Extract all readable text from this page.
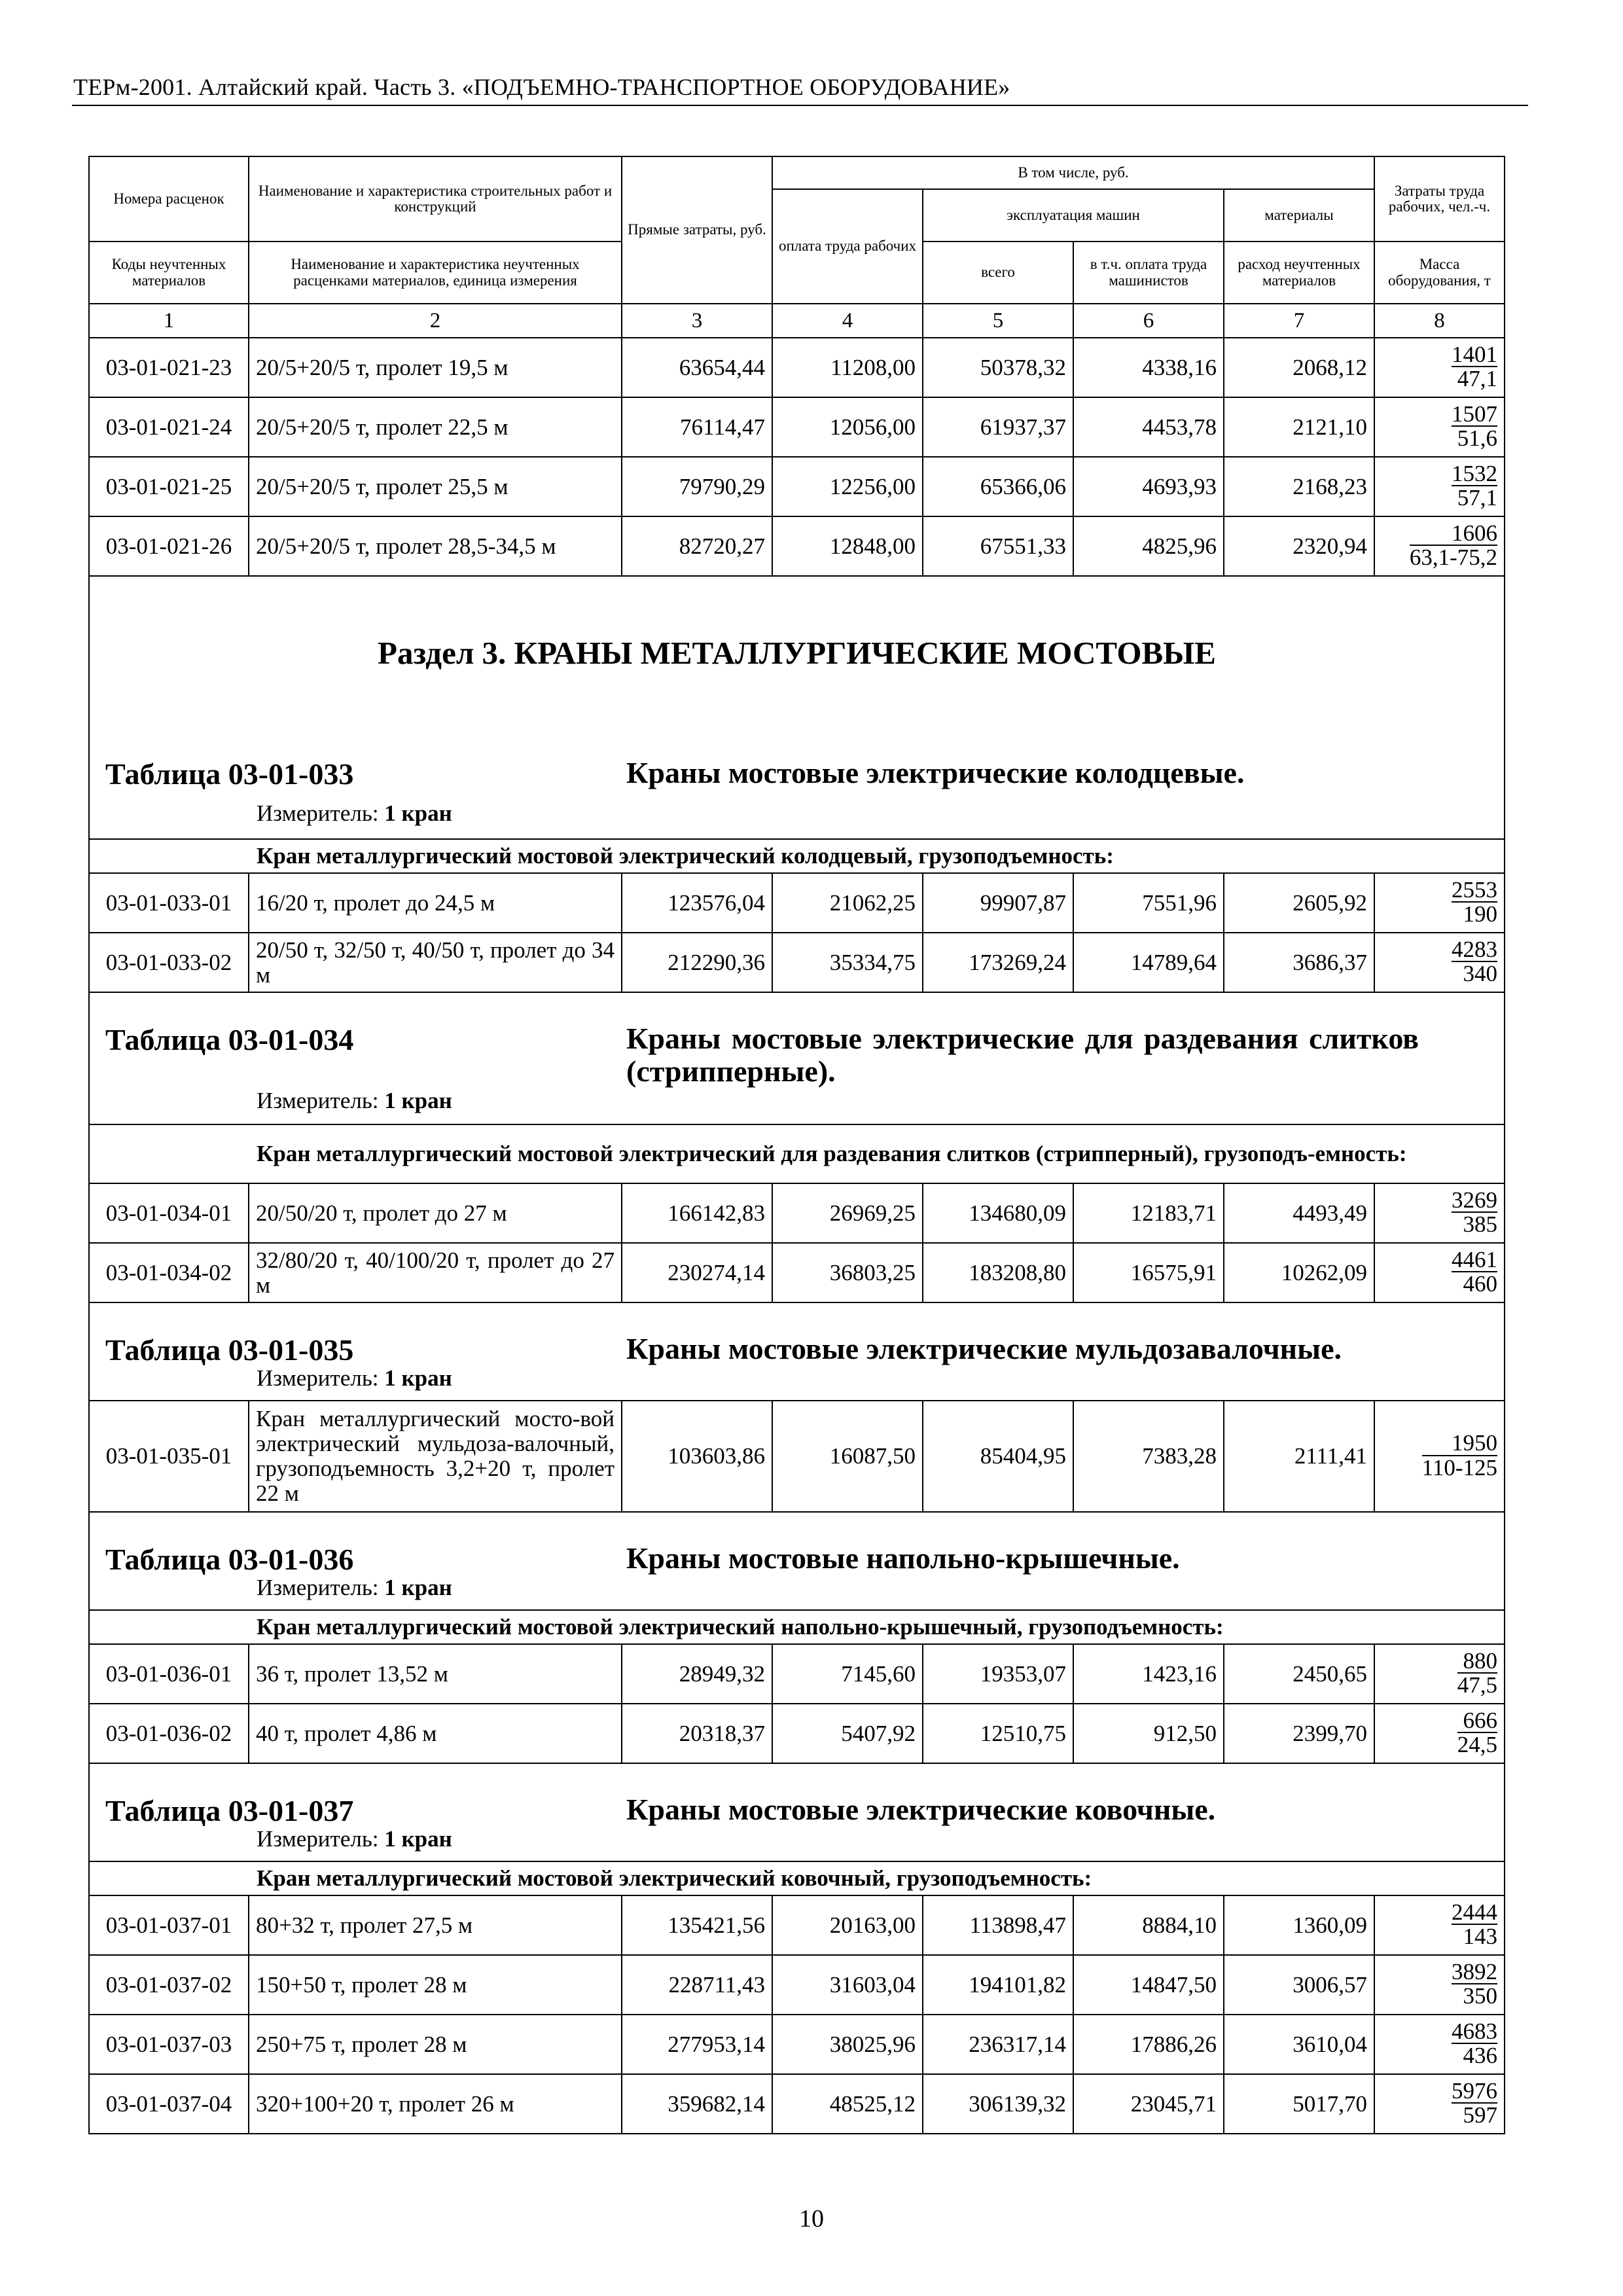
ТЕРм-2001. Алтайский край. Часть 3. «ПОДЪЕМНО-ТРАНСПОРТНОЕ ОБОРУДОВАНИЕ»
Номера расценок	Наименование и характеристика строительных работ и конструкций	Прямые затраты, руб.	В том числе, руб.				Затраты труда рабочих, чел.-ч.
			оплата труда рабочих	эксплуатация машин		материалы	
Коды неучтенных материалов	Наименование и характеристика неучтенных расценками материалов, единица измерения			всего	в т.ч. оплата труда машинистов	расход неучтенных материалов	Масса оборудования, т
1	2	3	4	5	6	7	8
03-01-021-23	20/5+20/5 т, пролет 19,5 м	63654,44	11208,00	50378,32	4338,16	2068,12	$\frac{1401}{47,1}$

03-01-021-24	20/5+20/5 т, пролет 22,5 м	76114,47	12056,00	61937,37	4453,78	2121,10	$\frac{1507}{51,6}$

03-01-021-25	20/5+20/5 т, пролет 25,5 м	79790,29	12256,00	65366,06	4693,93	2168,23	$\frac{1532}{57,1}$

03-01-021-26	20/5+20/5 т, пролет 28,5-34,5 м	82720,27	12848,00	67551,33	4825,96	2320,94	$\frac{1606}{63,1-75,2}$

Раздел 3. КРАНЫ МЕТАЛЛУРГИЧЕСКИЕ МОСТОВЫЕ
Таблица 03-01-033 Краны мостовые электрические колодцевые.
Измеритель: 1 кран							

Кран металлургический мостовой электрический колодцевый, грузоподъемность:							
03-01-033-01	16/20 т, пролет до 24,5 м	123576,04	21062,25	99907,87	7551,96	2605,92	$\frac{2553}{190}$

03-01-033-02	20/50 т, 32/50 т, 40/50 т, пролет до 34 м	212290,36	35334,75	173269,24	14789,64	3686,37	$\frac{4283}{340}$

Таблица 03-01-034 Краны мостовые электрические для раздевания слитков (стрипперные).
Измеритель: 1 кран							

Кран металлургический мостовой электрический для раздевания слитков (стрипперный), грузоподъ-емность:							
03-01-034-01	20/50/20 т, пролет до 27 м	166142,83	26969,25	134680,09	12183,71	4493,49	$\frac{3269}{385}$

03-01-034-02	32/80/20 т, 40/100/20 т, пролет до 27 м	230274,14	36803,25	183208,80	16575,91	10262,09	$\frac{4461}{460}$

Таблица 03-01-035 Краны мостовые электрические мульдозавалочные.
Измеритель: 1 кран							

03-01-035-01	Кран металлургический мосто-вой электрический мульдоза-валочный, грузоподъемность 3,2+20 т, пролет 22 м	103603,86	16087,50	85404,95	7383,28	2111,41	$\frac{1950}{110-125}$

Таблица 03-01-036 Краны мостовые напольно-крышечные.
Измеритель: 1 кран							

Кран металлургический мостовой электрический напольно-крышечный, грузоподъемность:							
03-01-036-01	36 т, пролет 13,52 м	28949,32	7145,60	19353,07	1423,16	2450,65	$\frac{880}{47,5}$

03-01-036-02	40 т, пролет 4,86 м	20318,37	5407,92	12510,75	912,50	2399,70	$\frac{666}{24,5}$

Таблица 03-01-037 Краны мостовые электрические ковочные.
Измеритель: 1 кран							

Кран металлургический мостовой электрический ковочный, грузоподъемность:							
03-01-037-01	80+32 т, пролет 27,5 м	135421,56	20163,00	113898,47	8884,10	1360,09	$\frac{2444}{143}$

03-01-037-02	150+50 т, пролет 28 м	228711,43	31603,04	194101,82	14847,50	3006,57	$\frac{3892}{350}$

03-01-037-03	250+75 т, пролет 28 м	277953,14	38025,96	236317,14	17886,26	3610,04	$\frac{4683}{436}$

03-01-037-04	320+100+20 т, пролет 26 м	359682,14	48525,12	306139,32	23045,71	5017,70	$\frac{5976}{597}$
10
